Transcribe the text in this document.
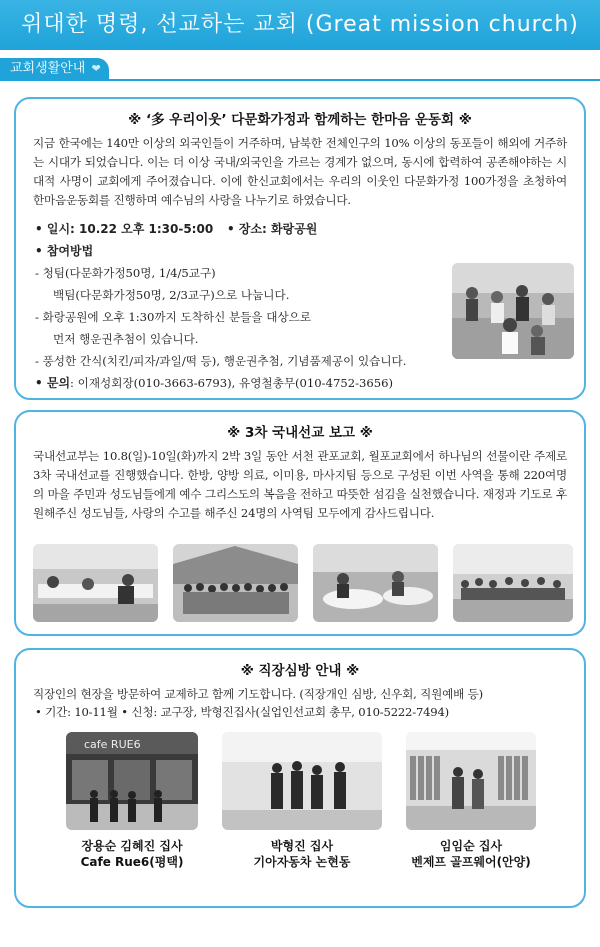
위대한 명령, 선교하는 교회 (Great mission church)
교회생활안내 ❤
※ ‘多 우리이웃’ 다문화가정과 함께하는 한마음 운동회 ※

지금 한국에는 140만 이상의 외국인들이 거주하며, 남북한 전체인구의 10% 이상의 동포들이 해외에 거주하는 시대가 되었습니다. 이는 더 이상 국내/외국인을 가르는 경계가 없으며, 동시에 합력하여 공존해야하는 시대적 사명이 교회에게 주어졌습니다. 이에 한신교회에서는 우리의 이웃인 다문화가정 100가정을 초청하여 한마음운동회를 진행하며 예수님의 사랑을 나누기로 하였습니다.

• 일시: 10.22 오후 1:30-5:00 • 장소: 화랑공원
• 참여방법
- 청팀(다문화가정50명, 1/4/5교구)
백팀(다문화가정50명, 2/3교구)으로 나눕니다.
- 화랑공원에 오후 1:30까지 도착하신 분들을 대상으로
먼저 행운권추첨이 있습니다.
- 풍성한 간식(치킨/피자/과일/떡 등), 행운권추첨, 기념품제공이 있습니다.
• 문의: 이재성회장(010-3663-6793), 유영철총무(010-4752-3656)
※ 3차 국내선교 보고 ※

국내선교부는 10.8(일)-10일(화)까지 2박 3일 동안 서천 관포교회, 월포교회에서 하나님의 선물이란 주제로 3차 국내선교를 진행했습니다. 한방, 양방 의료, 이미용, 마사지팀 등으로 구성된 이번 사역을 통해 220여명의 마을 주민과 성도님들에게 예수 그리스도의 복음을 전하고 따뜻한 섬김을 실천했습니다. 재정과 기도로 후원해주신 성도님들, 사랑의 수고를 해주신 24명의 사역팀 모두에게 감사드립니다.

※ 직장심방 안내 ※

직장인의 현장을 방문하여 교제하고 함께 기도합니다. (직장개인 심방, 신우회, 직원예배 등)

• 기간: 10-11월 • 신청: 교구장, 박형진집사(실업인선교회 총무, 010-5222-7494)

cafe RUE6
장용순 김혜진 집사
Cafe Rue6(평택)
박형진 집사
기아자동차 논현동
임임순 집사
벤제프 골프웨어(안양)
